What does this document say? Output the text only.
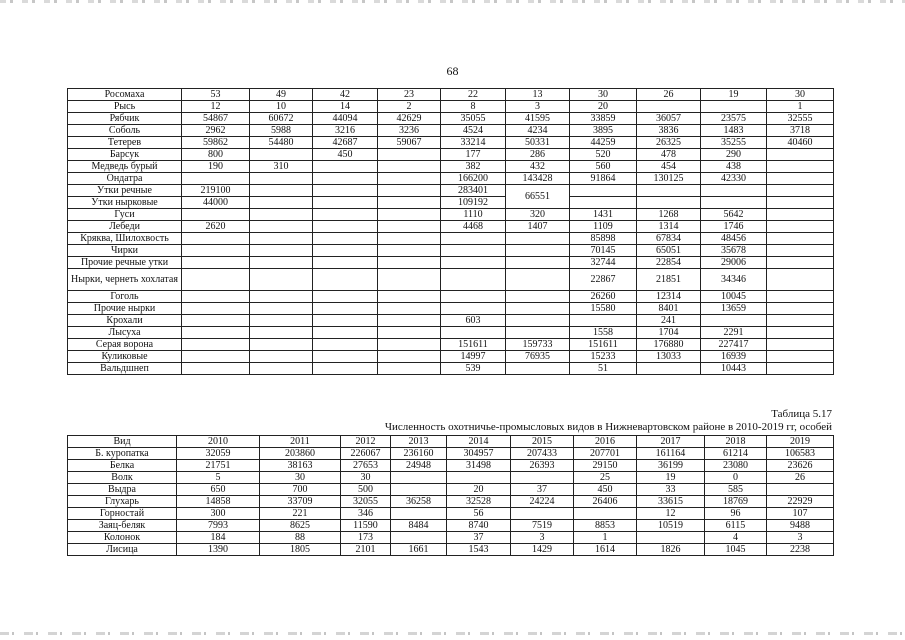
68
Росомаха	53	49	42	23	22	13	30	26	19	30
Рысь	12	10	14	2	8	3	20			1
Рябчик	54867	60672	44094	42629	35055	41595	33859	36057	23575	32555
Соболь	2962	5988	3216	3236	4524	4234	3895	3836	1483	3718
Тетерев	59862	54480	42687	59067	33214	50331	44259	26325	35255	40460
Барсук	800		450		177	286	520	478	290	
Медведь бурый	190	310			382	432	560	454	438	
Ондатра					166200	143428	91864	130125	42330	
Утки речные	219100				283401	66551				
Утки нырковые	44000				109192					
Гуси					1110	320	1431	1268	5642	
Лебеди	2620				4468	1407	1109	1314	1746	
Кряква, Шилохвость							85898	67834	48456	
Чирки							70145	65051	35678	
Прочие речные утки							32744	22854	29006	
Нырки, чернеть хохлатая							22867	21851	34346	
Гоголь							26260	12314	10045	
Прочие нырки							15580	8401	13659	
Крохали					603			241		
Лысуха							1558	1704	2291	
Серая ворона					151611	159733	151611	176880	227417	
Куликовые					14997	76935	15233	13033	16939	
Вальдшнеп					539		51		10443	
Таблица 5.17
Численность охотничье-промысловых видов в Нижневартовском районе в 2010-2019 гг, особей
Вид	2010	2011	2012	2013	2014	2015	2016	2017	2018	2019
Б. куропатка	32059	203860	226067	236160	304957	207433	207701	161164	61214	106583
Белка	21751	38163	27653	24948	31498	26393	29150	36199	23080	23626
Волк	5	30	30				25	19	0	26
Выдра	650	700	500		20	37	450	33	585	
Глухарь	14858	33709	32055	36258	32528	24224	26406	33615	18769	22929
Горностай	300	221	346		56			12	96	107
Заяц-беляк	7993	8625	11590	8484	8740	7519	8853	10519	6115	9488
Колонок	184	88	173		37	3	1		4	3
Лисица	1390	1805	2101	1661	1543	1429	1614	1826	1045	2238
